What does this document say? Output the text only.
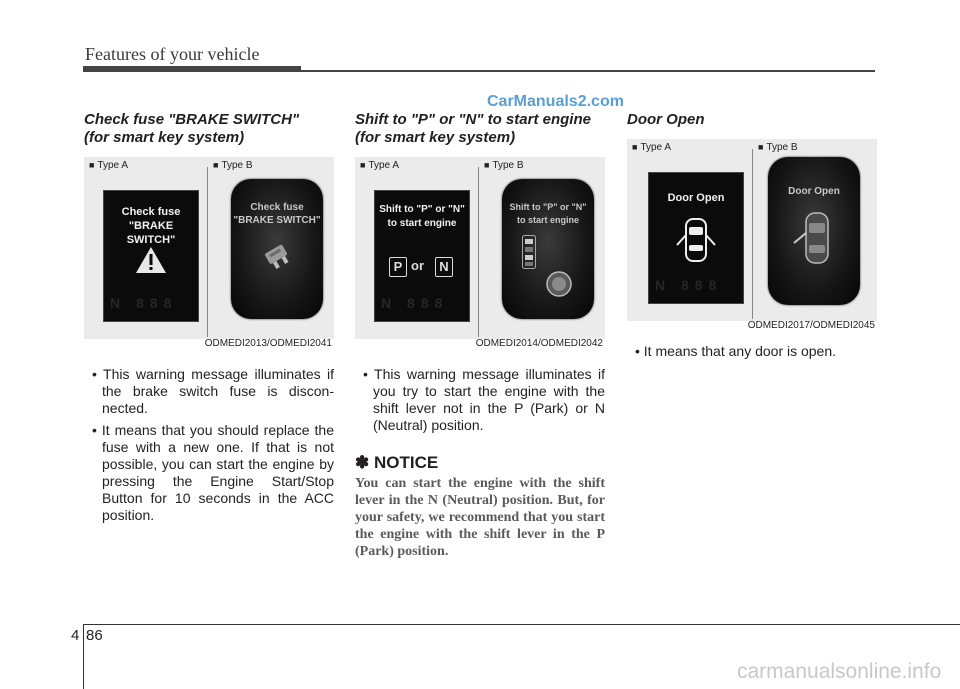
Features of your vehicle
CarManuals2.com
Check fuse "BRAKE SWITCH"
(for smart key system)
■ Type A	■ Type B
Check fuse
"BRAKE SWITCH"
N 888
Check fuse
"BRAKE SWITCH"
ODMEDI2013/ODMEDI2041
• This warning message illuminates if the brake switch fuse is discon-nected.
• It means that you should replace the fuse with a new one. If that is not possible, you can start the engine by pressing the Engine Start/Stop Button for 10 seconds in the ACC position.
Shift to "P" or "N" to start engine
(for smart key system)
■ Type A	■ Type B
Shift to "P" or "N"
to start engine
P or	N
N 888
Shift to "P" or "N"
to start engine
ODMEDI2014/ODMEDI2042
• This warning message illuminates if you try to start the engine with the shift lever not in the P (Park) or N (Neutral) position.
✽ NOTICE
You can start the engine with the shift lever in the N (Neutral) position. But, for your safety, we recommend that you start the engine with the shift lever in the P (Park) position.
Door Open
■ Type A	■ Type B
Door Open
N 888
Door Open
ODMEDI2017/ODMEDI2045
• It means that any door is open.
4 86
carmanualsonline.info
